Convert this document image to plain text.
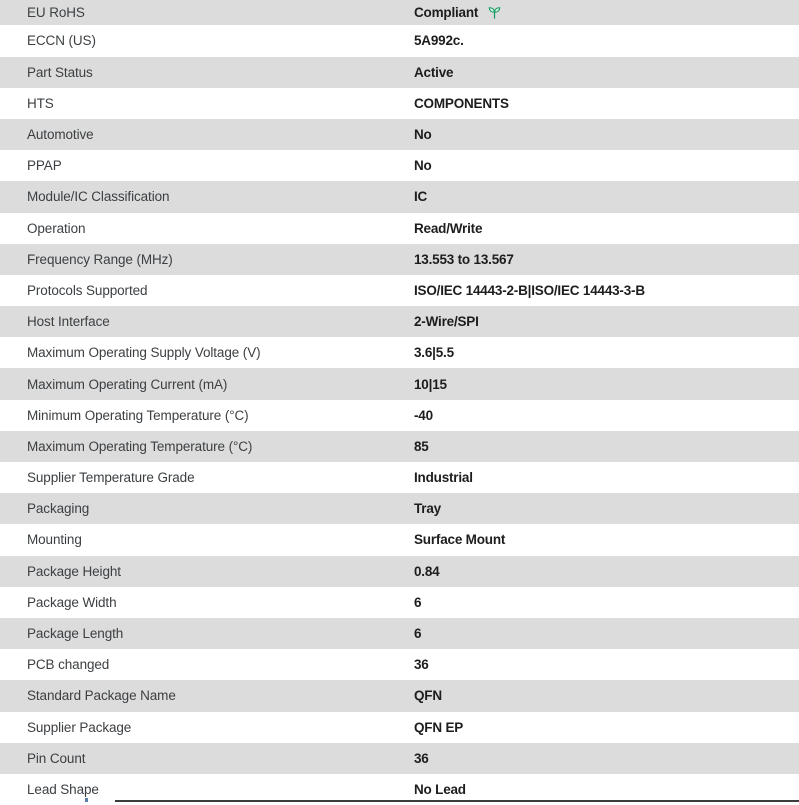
EU RoHS	Compliant
ECCN (US)	5A992c.
Part Status	Active
HTS	COMPONENTS
Automotive	No
PPAP	No
Module/IC Classification	IC
Operation	Read/Write
Frequency Range (MHz)	13.553 to 13.567
Protocols Supported	ISO/IEC 14443-2-B|ISO/IEC 14443-3-B
Host Interface	2-Wire/SPI
Maximum Operating Supply Voltage (V)	3.6|5.5
Maximum Operating Current (mA)	10|15
Minimum Operating Temperature (°C)	-40
Maximum Operating Temperature (°C)	85
Supplier Temperature Grade	Industrial
Packaging	Tray
Mounting	Surface Mount
Package Height	0.84
Package Width	6
Package Length	6
PCB changed	36
Standard Package Name	QFN
Supplier Package	QFN EP
Pin Count	36
Lead Shape	No Lead
